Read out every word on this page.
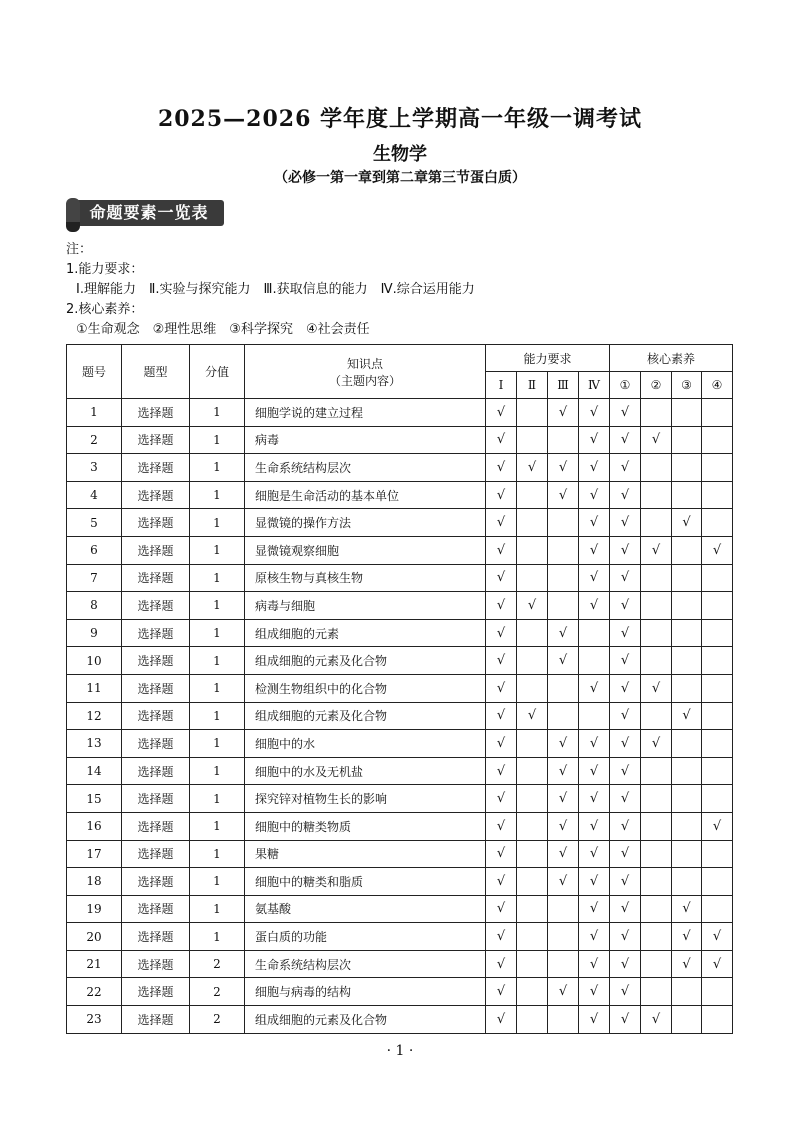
2025—2026 学年度上学期高一年级一调考试
生物学
（必修一第一章到第二章第三节蛋白质）
命题要素一览表
注：
1.能力要求：
Ⅰ.理解能力　Ⅱ.实验与探究能力　Ⅲ.获取信息的能力　Ⅳ.综合运用能力
2.核心素养：
①生命观念　②理性思维　③科学探究　④社会责任
题号	题型	分值	知识点
（主题内容）	能力要求				核心素养			
				Ⅰ	Ⅱ	Ⅲ	Ⅳ	①	②	③	④
1	选择题	1	细胞学说的建立过程	√		√	√	√			
2	选择题	1	病毒	√			√	√	√		
3	选择题	1	生命系统结构层次	√	√	√	√	√			
4	选择题	1	细胞是生命活动的基本单位	√		√	√	√			
5	选择题	1	显微镜的操作方法	√			√	√		√	
6	选择题	1	显微镜观察细胞	√			√	√	√		√
7	选择题	1	原核生物与真核生物	√			√	√			
8	选择题	1	病毒与细胞	√	√		√	√			
9	选择题	1	组成细胞的元素	√		√		√			
10	选择题	1	组成细胞的元素及化合物	√		√		√			
11	选择题	1	检测生物组织中的化合物	√			√	√	√		
12	选择题	1	组成细胞的元素及化合物	√	√			√		√	
13	选择题	1	细胞中的水	√		√	√	√	√		
14	选择题	1	细胞中的水及无机盐	√		√	√	√			
15	选择题	1	探究锌对植物生长的影响	√		√	√	√			
16	选择题	1	细胞中的糖类物质	√		√	√	√			√
17	选择题	1	果糖	√		√	√	√			
18	选择题	1	细胞中的糖类和脂质	√		√	√	√			
19	选择题	1	氨基酸	√			√	√		√	
20	选择题	1	蛋白质的功能	√			√	√		√	√
21	选择题	2	生命系统结构层次	√			√	√		√	√
22	选择题	2	细胞与病毒的结构	√		√	√	√			
23	选择题	2	组成细胞的元素及化合物	√			√	√	√		
· 1 ·
